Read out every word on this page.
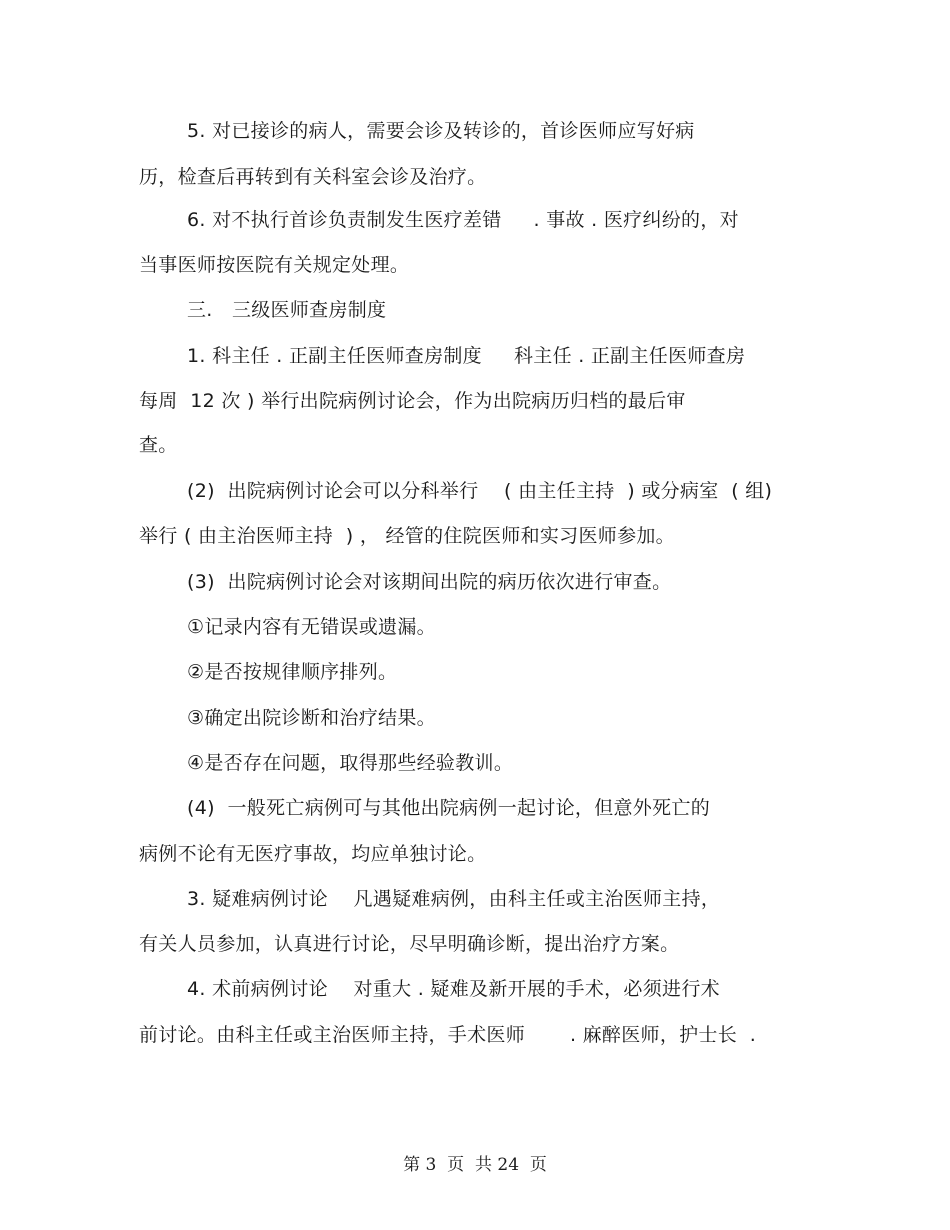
5. 对已接诊的病人，需要会诊及转诊的，首诊医师应写好病
历，检查后再转到有关科室会诊及治疗。
6. 对不执行首诊负责制发生医疗差错 　 . 事故 . 医疗纠纷的，对
当事医师按医院有关规定处理。
三.　三级医师查房制度
1. 科主任 . 正副主任医师查房制度 　 科主任 . 正副主任医师查房
每周  12 次 ) 举行出院病例讨论会，作为出院病历归档的最后审
查。
(2)  出院病例讨论会可以分科举行 　( 由主任主持  ) 或分病室  ( 组)
举行 ( 由主治医师主持  ) ， 经管的住院医师和实习医师参加。
(3)  出院病例讨论会对该期间出院的病历依次进行审查。
①记录内容有无错误或遗漏。
②是否按规律顺序排列。
③确定出院诊断和治疗结果。
④是否存在问题，取得那些经验教训。
(4)  一般死亡病例可与其他出院病例一起讨论，但意外死亡的
病例不论有无医疗事故，均应单独讨论。
3. 疑难病例讨论 　凡遇疑难病例，由科主任或主治医师主持，
有关人员参加，认真进行讨论，尽早明确诊断，提出治疗方案。
4. 术前病例讨论 　对重大 . 疑难及新开展的手术，必须进行术
前讨论。由科主任或主治医师主持，手术医师 　　. 麻醉医师，护士长  .
第 3  页  共 24  页
